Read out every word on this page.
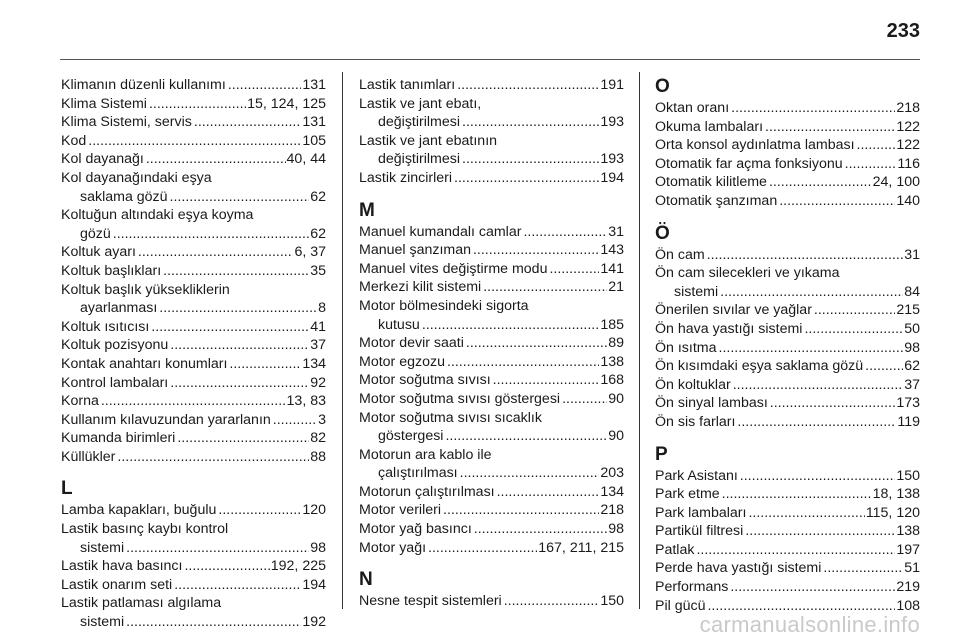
233
Klimanın düzenli kullanımı .....	131
Klima Sistemi .....	15, 124, 125
Klima Sistemi, servis .....	131
Kod .....	105
Kol dayanağı .....	40, 44
Kol dayanağındaki eşya
saklama gözü .....	62
Koltuğun altındaki eşya koyma
gözü .....	62
Koltuk ayarı .....	6, 37
Koltuk başlıkları .....	35
Koltuk başlık yüksekliklerin
ayarlanması .....	8
Koltuk ısıtıcısı .....	41
Koltuk pozisyonu .....	37
Kontak anahtarı konumları .....	134
Kontrol lambaları .....	92
Korna .....	13, 83
Kullanım kılavuzundan yararlanın .....	3
Kumanda birimleri .....	82
Küllükler .....	88
L
Lamba kapakları, buğulu .....	120
Lastik basınç kaybı kontrol
sistemi .....	98
Lastik hava basıncı .....	192, 225
Lastik onarım seti .....	194
Lastik patlaması algılama
sistemi .....	192
Lastik tanımları .....	191
Lastik ve jant ebatı,
değiştirilmesi .....	193
Lastik ve jant ebatının
değiştirilmesi .....	193
Lastik zincirleri .....	194
M
Manuel kumandalı camlar .....	31
Manuel şanzıman .....	143
Manuel vites değiştirme modu .....	141
Merkezi kilit sistemi .....	21
Motor bölmesindeki sigorta
kutusu .....	185
Motor devir saati .....	89
Motor egzozu .....	138
Motor soğutma sıvısı .....	168
Motor soğutma sıvısı göstergesi .....	90
Motor soğutma sıvısı sıcaklık
göstergesi .....	90
Motorun ara kablo ile
çalıştırılması .....	203
Motorun çalıştırılması .....	134
Motor verileri .....	218
Motor yağ basıncı .....	98
Motor yağı .....	167, 211, 215
N
Nesne tespit sistemleri .....	150
O
Oktan oranı .....	218
Okuma lambaları .....	122
Orta konsol aydınlatma lambası .....	122
Otomatik far açma fonksiyonu .....	116
Otomatik kilitleme .....	24, 100
Otomatik şanzıman .....	140
Ö
Ön cam .....	31
Ön cam silecekleri ve yıkama
sistemi .....	84
Önerilen sıvılar ve yağlar .....	215
Ön hava yastığı sistemi .....	50
Ön ısıtma .....	98
Ön kısımdaki eşya saklama gözü .....	62
Ön koltuklar .....	37
Ön sinyal lambası .....	173
Ön sis farları .....	119
P
Park Asistanı .....	150
Park etme .....	18, 138
Park lambaları .....	115, 120
Partikül filtresi .....	138
Patlak .....	197
Perde hava yastığı sistemi .....	51
Performans .....	219
Pil gücü .....	108
carmanualsonline.info
